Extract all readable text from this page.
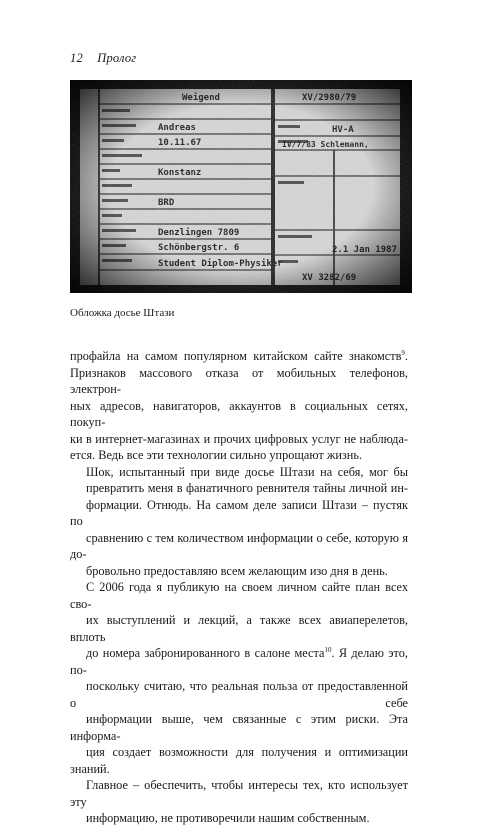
12 Пролог
Обложка досье Штази

профайла на самом популярном китайском сайте знакомств$^9$.
Признаков массового отказа от мобильных телефонов, электрон-
ных адресов, навигаторов, аккаунтов в социальных сетях, покуп-
ки в интернет-магазинах и прочих цифровых услуг не наблюда-
ется. Ведь все эти технологии сильно упрощают жизнь.

Шок, испытанный при виде досье Штази на себя, мог бы
превратить меня в фанатичного ревнителя тайны личной ин-
формации. Отнюдь. На самом деле записи Штази – пустяк по
сравнению с тем количеством информации о себе, которую я до-
бровольно предоставляю всем желающим изо дня в день.

С 2006 года я публикую на своем личном сайте план всех сво-
их выступлений и лекций, а также всех авиаперелетов, вплоть
до номера забронированного в салоне места$^{10}$. Я делаю это, по-
поскольку считаю, что реальная польза от предоставленной о себе
информации выше, чем связанные с этим риски. Эта информа-
ция создает возможности для получения и оптимизации знаний.
Главное – обеспечить, чтобы интересы тех, кто использует эту
информацию, не противоречили нашим собственным.
